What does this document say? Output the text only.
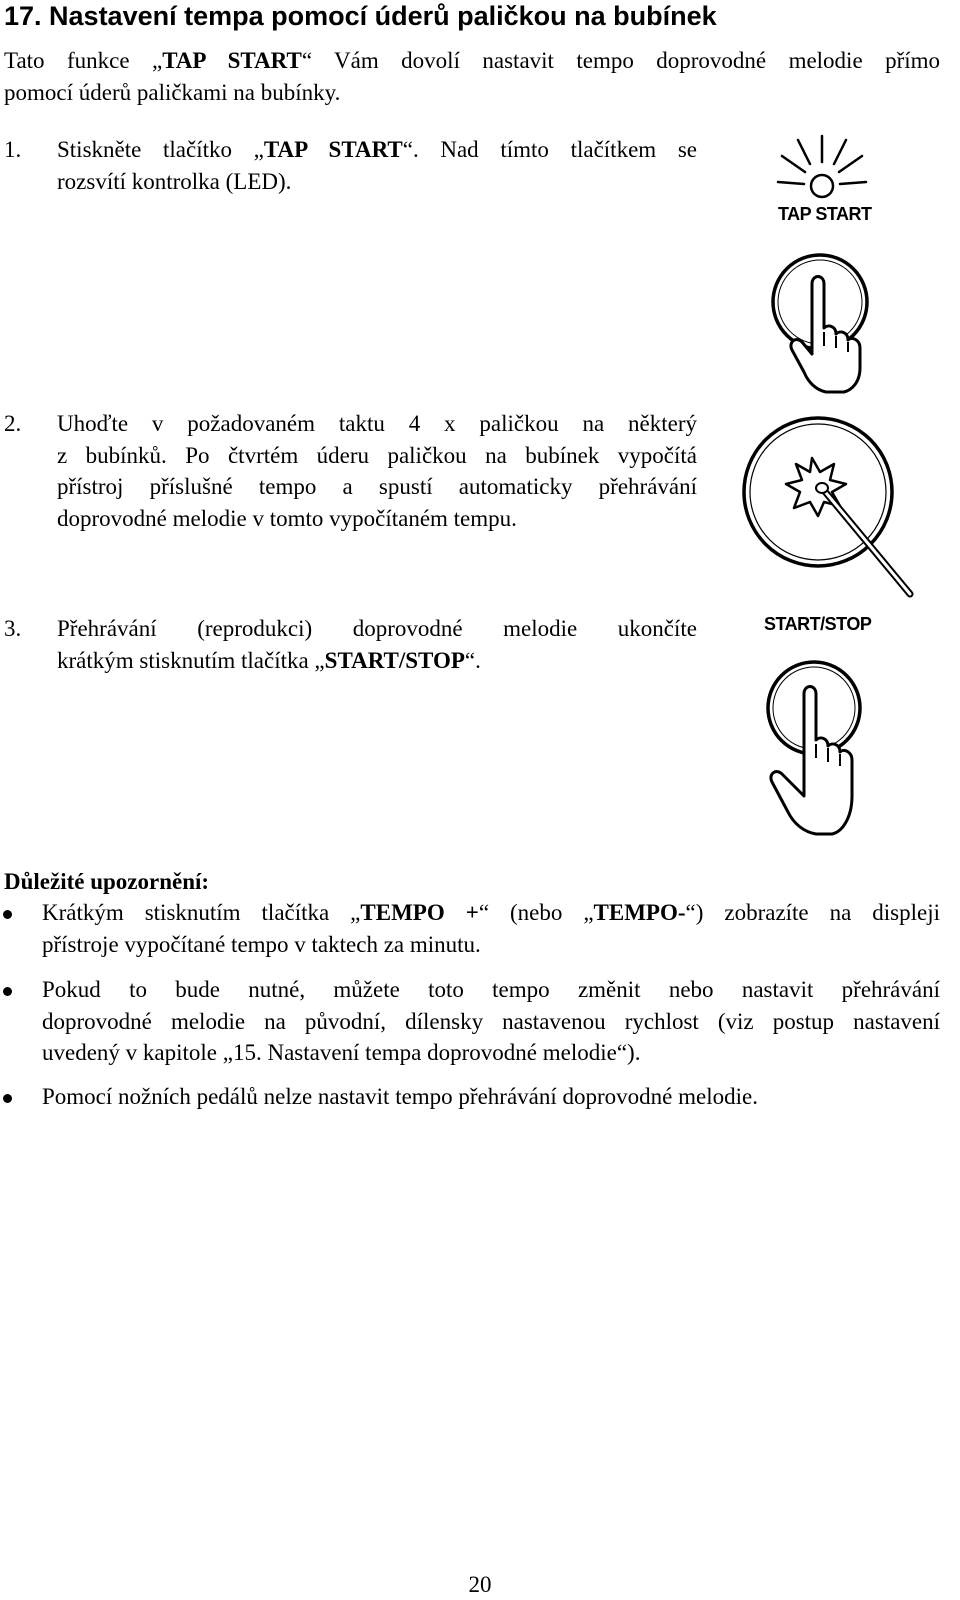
17. Nastavení tempa pomocí úderů paličkou na bubínek
Tato funkce „TAP START“ Vám dovolí nastavit tempo doprovodné melodie přímo
pomocí úderů paličkami na bubínky.
1. Stiskněte tlačítko „TAP START“. Nad tímto tlačítkem se
rozsvítí kontrolka (LED).
2. Uhoďte v požadovaném taktu 4 x paličkou na některý
z bubínků. Po čtvrtém úderu paličkou na bubínek vypočítá
přístroj příslušné tempo a spustí automaticky přehrávání
doprovodné melodie v tomto vypočítaném tempu.
3. Přehrávání (reprodukci) doprovodné melodie ukončíte
krátkým stisknutím tlačítka „START/STOP“.
TAP START
START/STOP
Důležité upozornění:
Krátkým stisknutím tlačítka „TEMPO +“ (nebo „TEMPO-“) zobrazíte na displeji
přístroje vypočítané tempo v taktech za minutu.
Pokud to bude nutné, můžete toto tempo změnit nebo nastavit přehrávání
doprovodné melodie na původní, dílensky nastavenou rychlost (viz postup nastavení
uvedený v kapitole „15. Nastavení tempa doprovodné melodie“).
Pomocí nožních pedálů nelze nastavit tempo přehrávání doprovodné melodie.
20
